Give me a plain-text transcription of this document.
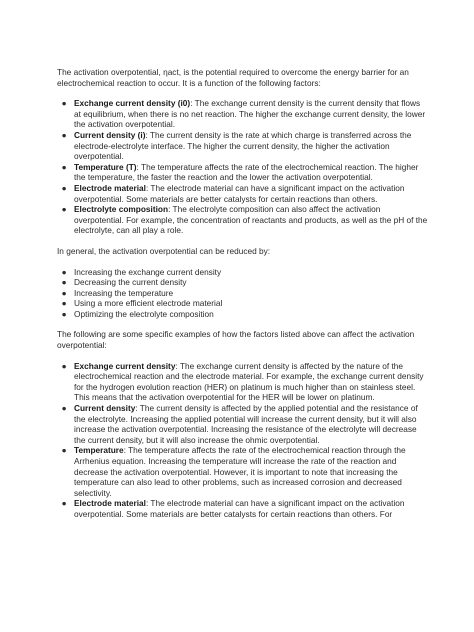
The activation overpotential, ηact, is the potential required to overcome the energy barrier for an electrochemical reaction to occur. It is a function of the following factors:

● Exchange current density (i0): The exchange current density is the current density that flows at equilibrium, when there is no net reaction. The higher the exchange current density, the lower the activation overpotential.
● Current density (i): The current density is the rate at which charge is transferred across the electrode-electrolyte interface. The higher the current density, the higher the activation overpotential.
● Temperature (T): The temperature affects the rate of the electrochemical reaction. The higher the temperature, the faster the reaction and the lower the activation overpotential.
● Electrode material: The electrode material can have a significant impact on the activation overpotential. Some materials are better catalysts for certain reactions than others.
● Electrolyte composition: The electrolyte composition can also affect the activation overpotential. For example, the concentration of reactants and products, as well as the pH of the electrolyte, can all play a role.

In general, the activation overpotential can be reduced by:

● Increasing the exchange current density
● Decreasing the current density
● Increasing the temperature
● Using a more efficient electrode material
● Optimizing the electrolyte composition

The following are some specific examples of how the factors listed above can affect the activation overpotential:

● Exchange current density: The exchange current density is affected by the nature of the electrochemical reaction and the electrode material. For example, the exchange current density for the hydrogen evolution reaction (HER) on platinum is much higher than on stainless steel. This means that the activation overpotential for the HER will be lower on platinum.
● Current density: The current density is affected by the applied potential and the resistance of the electrolyte. Increasing the applied potential will increase the current density, but it will also increase the activation overpotential. Increasing the resistance of the electrolyte will decrease the current density, but it will also increase the ohmic overpotential.
● Temperature: The temperature affects the rate of the electrochemical reaction through the Arrhenius equation. Increasing the temperature will increase the rate of the reaction and decrease the activation overpotential. However, it is important to note that increasing the temperature can also lead to other problems, such as increased corrosion and decreased selectivity.
● Electrode material: The electrode material can have a significant impact on the activation overpotential. Some materials are better catalysts for certain reactions than others. For
